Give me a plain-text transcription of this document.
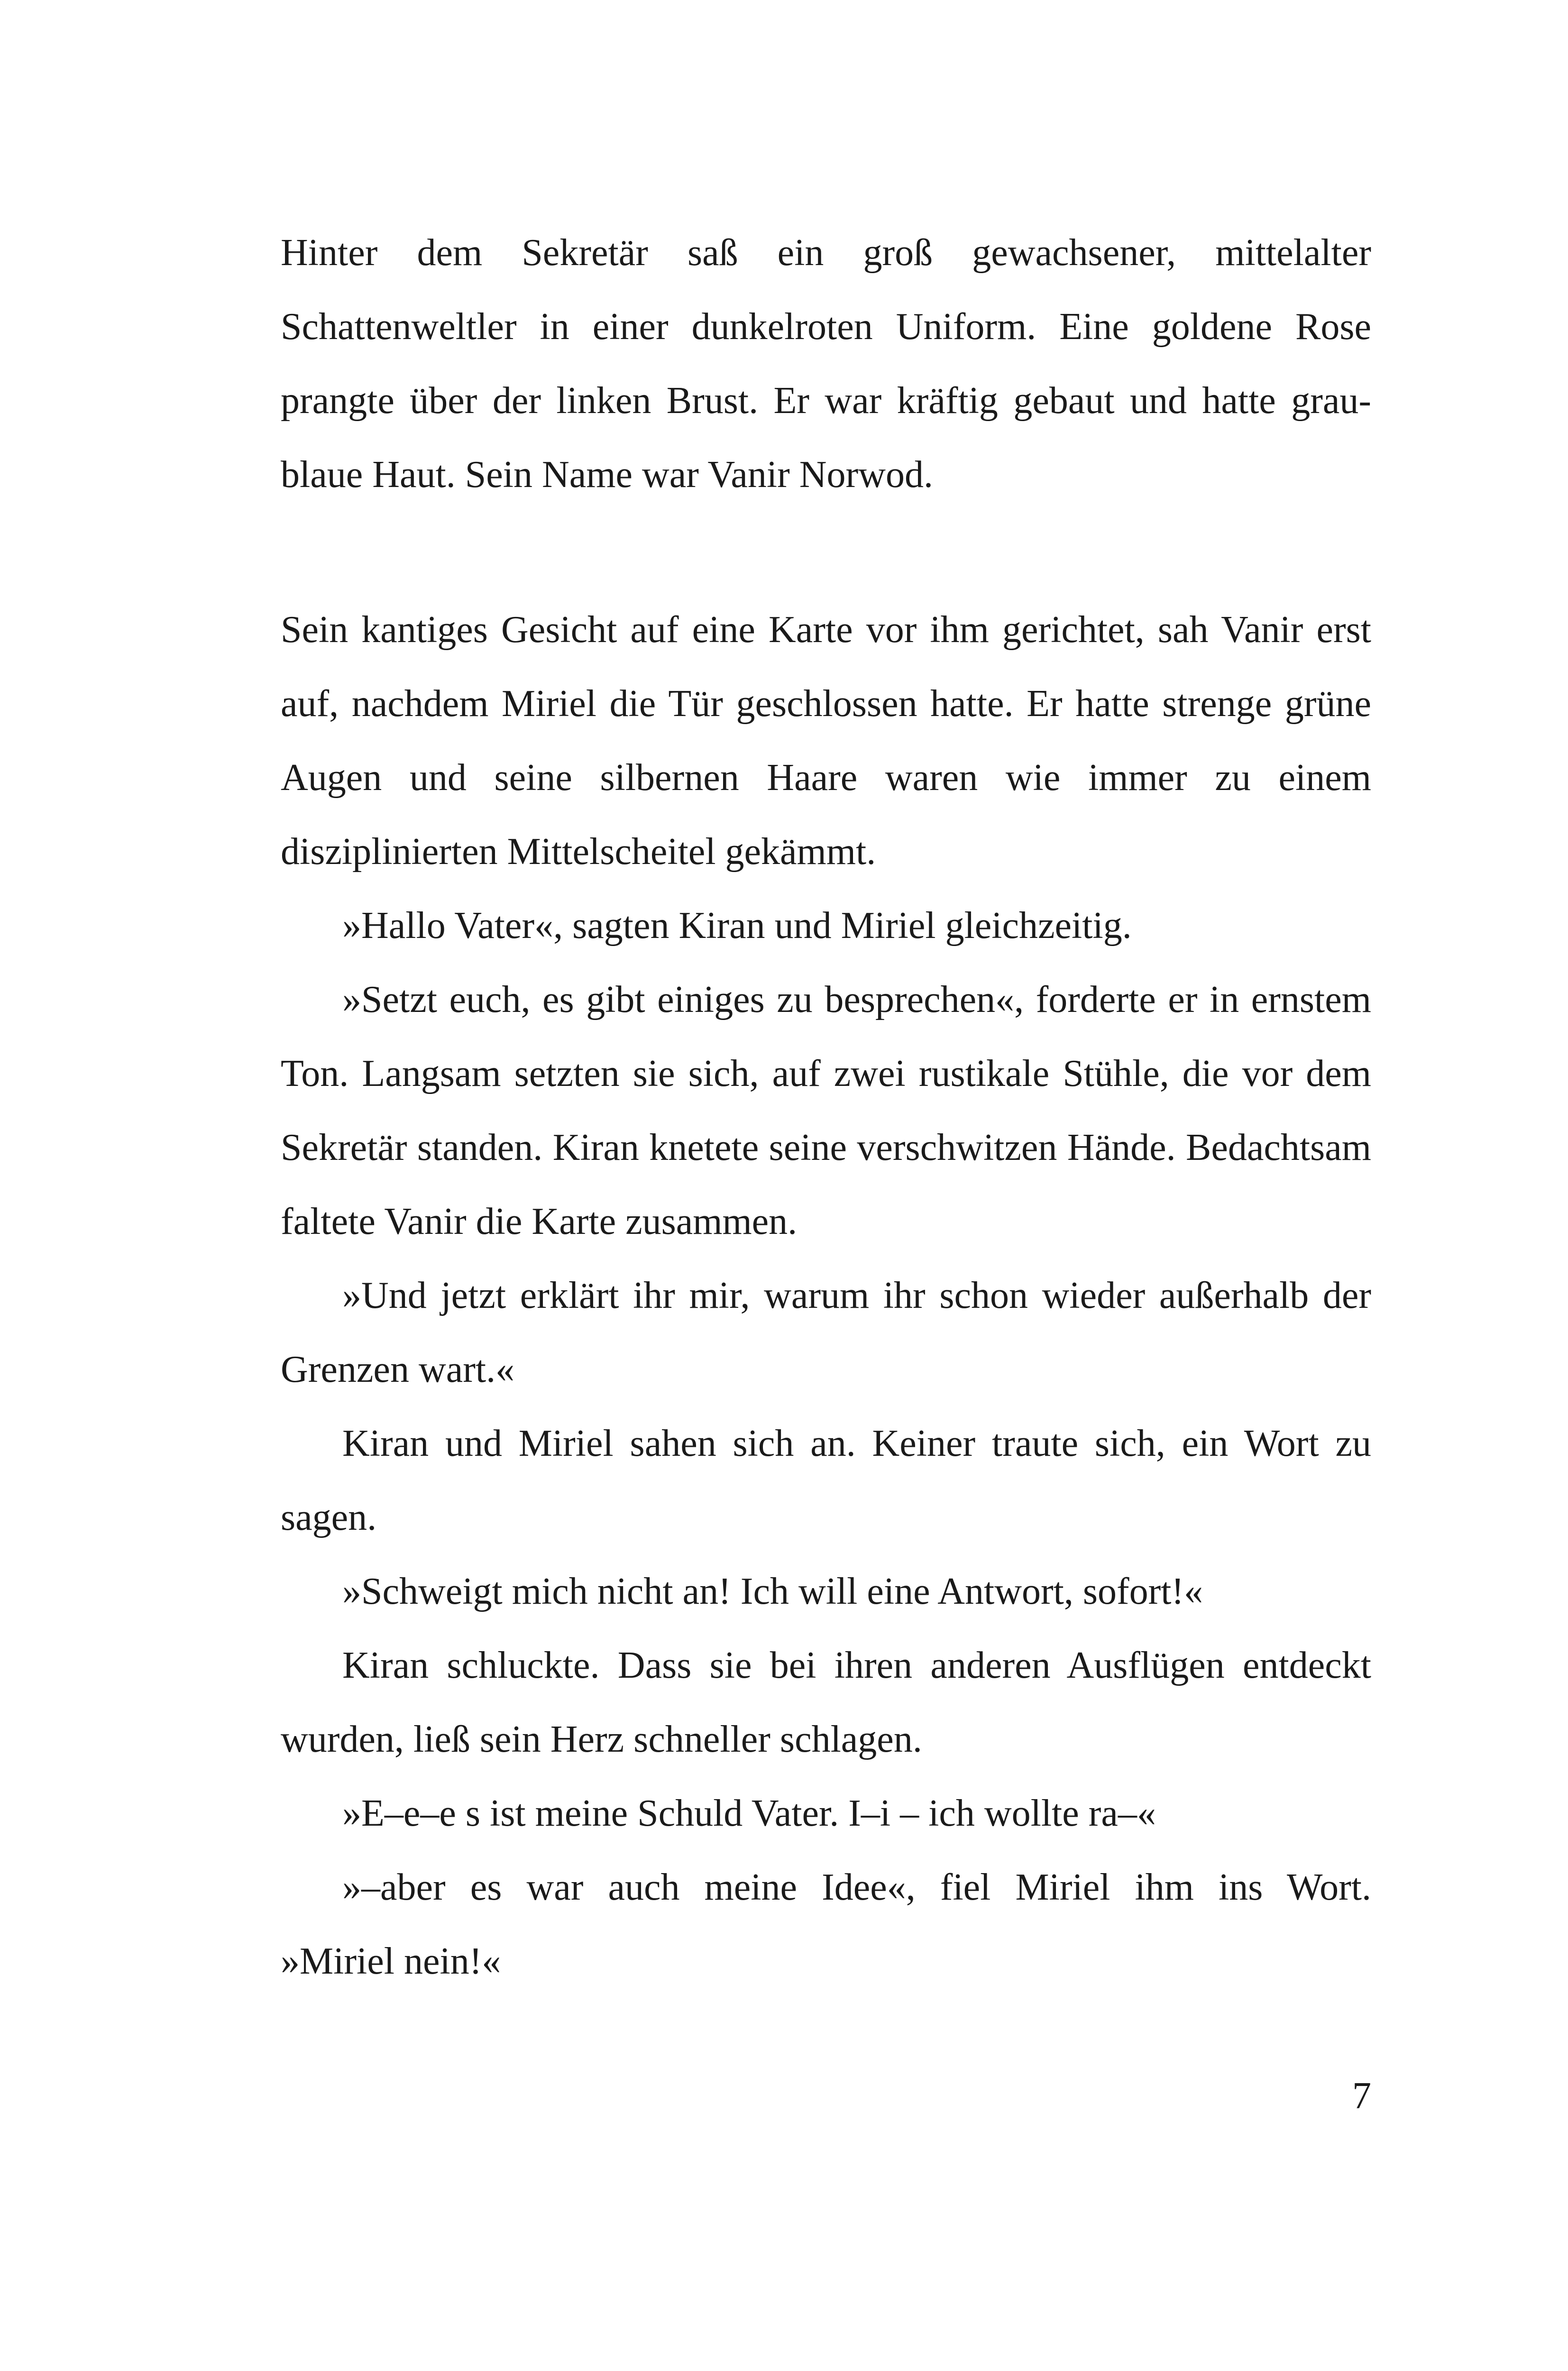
Hinter dem Sekretär saß ein groß gewachsener, mittelalter Schattenweltler in einer dunkelroten Uniform. Eine goldene Rose prangte über der linken Brust. Er war kräftig gebaut und hatte grau-blaue Haut. Sein Name war Vanir Norwod.

Sein kantiges Gesicht auf eine Karte vor ihm gerichtet, sah Vanir erst auf, nachdem Miriel die Tür geschlossen hatte. Er hatte strenge grüne Augen und seine silbernen Haare waren wie immer zu einem disziplinierten Mittelscheitel gekämmt.

»Hallo Vater«, sagten Kiran und Miriel gleichzeitig.

»Setzt euch, es gibt einiges zu besprechen«, forderte er in ernstem Ton. Langsam setzten sie sich, auf zwei rustikale Stühle, die vor dem Sekretär standen. Kiran knetete seine verschwitzen Hände. Bedachtsam faltete Vanir die Karte zusammen.

»Und jetzt erklärt ihr mir, warum ihr schon wieder außerhalb der Grenzen wart.«

Kiran und Miriel sahen sich an. Keiner traute sich, ein Wort zu sagen.

»Schweigt mich nicht an! Ich will eine Antwort, sofort!«

Kiran schluckte. Dass sie bei ihren anderen Ausflügen entdeckt wurden, ließ sein Herz schneller schlagen.

»E–e–e s ist meine Schuld Vater. I–i – ich wollte ra–«

»–aber es war auch meine Idee«, fiel Miriel ihm ins Wort.

»Miriel nein!«

7
